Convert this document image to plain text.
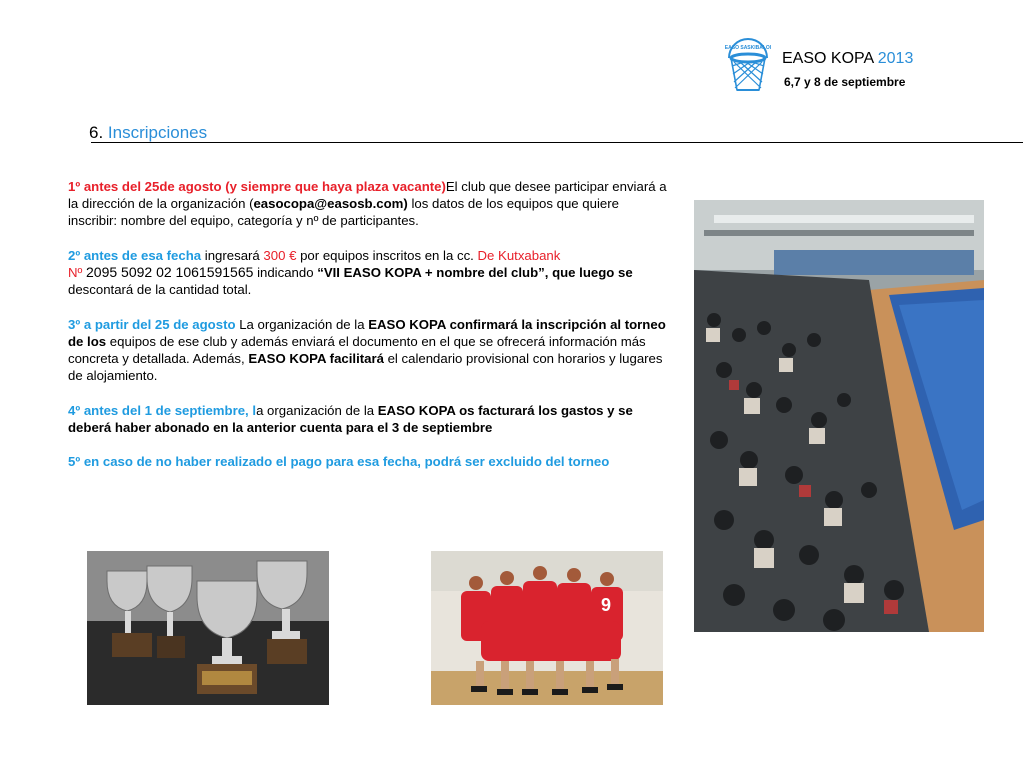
EASO SASKIBALOI
EASO KOPA 2013
6,7 y 8 de septiembre
6. Inscripciones

1º antes del 25de agosto (y siempre que haya plaza vacante)El club que desee participar enviará a la dirección de la organización (easocopa@easosb.com) los datos de los equipos que quiere inscribir: nombre del equipo, categoría y nº de participantes.

2º antes de esa fecha ingresará 300 € por equipos inscritos en la cc. De Kutxabank
Nº 2095 5092 02 1061591565 indicando “VII EASO KOPA + nombre del club”, que luego se descontará de la cantidad total.

3º a partir del 25 de agosto La organización de la EASO KOPA confirmará la inscripción al torneo de los equipos de ese club y además enviará el documento en el que se ofrecerá información más concreta y detallada. Además, EASO KOPA facilitará el calendario provisional con horarios y lugares de alojamiento.

4º antes del 1 de septiembre, la organización de la EASO KOPA os facturará los gastos y se deberá haber abonado en la anterior cuenta para el 3 de septiembre

5º en caso de no haber realizado el pago para esa fecha, podrá ser excluido del torneo

9
